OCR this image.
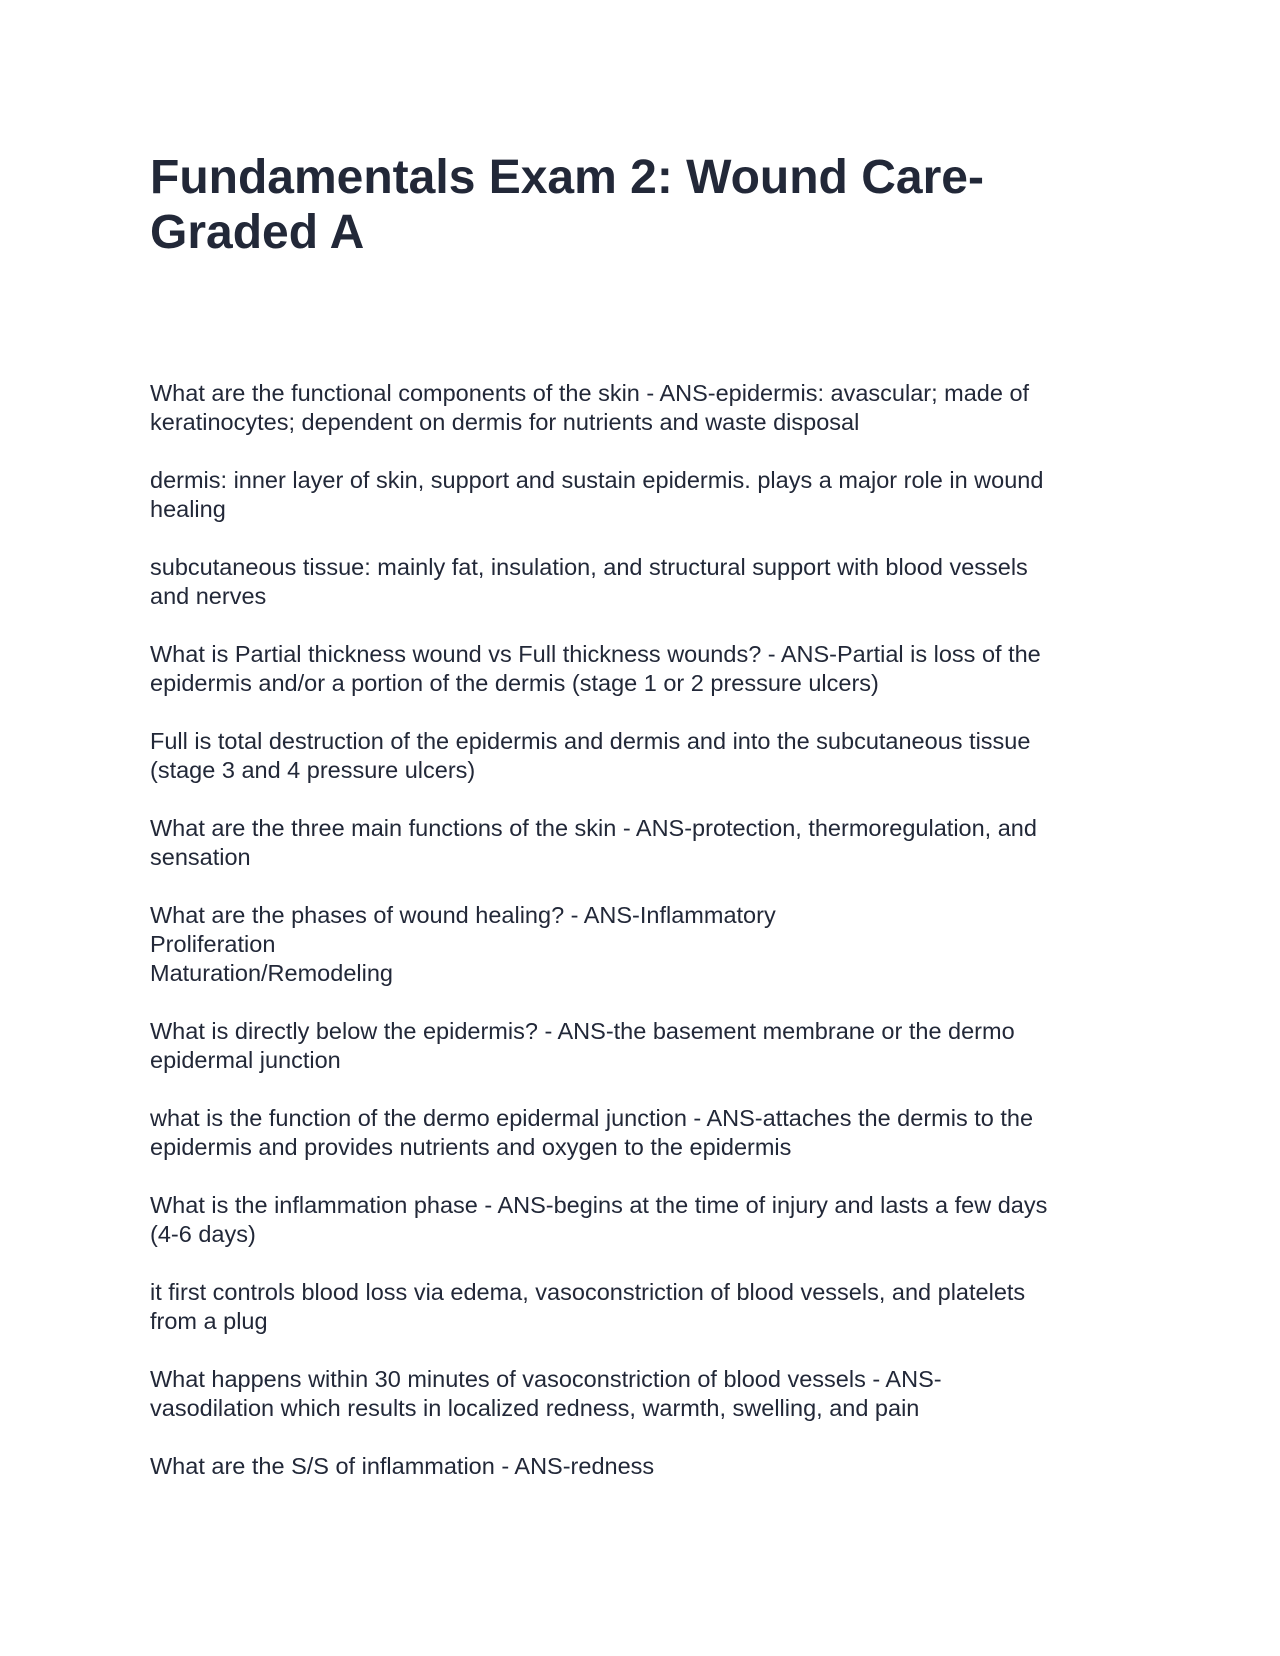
Fundamentals Exam 2: Wound Care-
Graded A

What are the functional components of the skin - ANS-epidermis: avascular; made of
keratinocytes; dependent on dermis for nutrients and waste disposal

dermis: inner layer of skin, support and sustain epidermis. plays a major role in wound
healing

subcutaneous tissue: mainly fat, insulation, and structural support with blood vessels
and nerves

What is Partial thickness wound vs Full thickness wounds? - ANS-Partial is loss of the
epidermis and/or a portion of the dermis (stage 1 or 2 pressure ulcers)

Full is total destruction of the epidermis and dermis and into the subcutaneous tissue
(stage 3 and 4 pressure ulcers)

What are the three main functions of the skin - ANS-protection, thermoregulation, and
sensation

What are the phases of wound healing? - ANS-Inflammatory
Proliferation
Maturation/Remodeling

What is directly below the epidermis? - ANS-the basement membrane or the dermo
epidermal junction

what is the function of the dermo epidermal junction - ANS-attaches the dermis to the
epidermis and provides nutrients and oxygen to the epidermis

What is the inflammation phase - ANS-begins at the time of injury and lasts a few days
(4-6 days)

it first controls blood loss via edema, vasoconstriction of blood vessels, and platelets
from a plug

What happens within 30 minutes of vasoconstriction of blood vessels - ANS-
vasodilation which results in localized redness, warmth, swelling, and pain

What are the S/S of inflammation - ANS-redness
